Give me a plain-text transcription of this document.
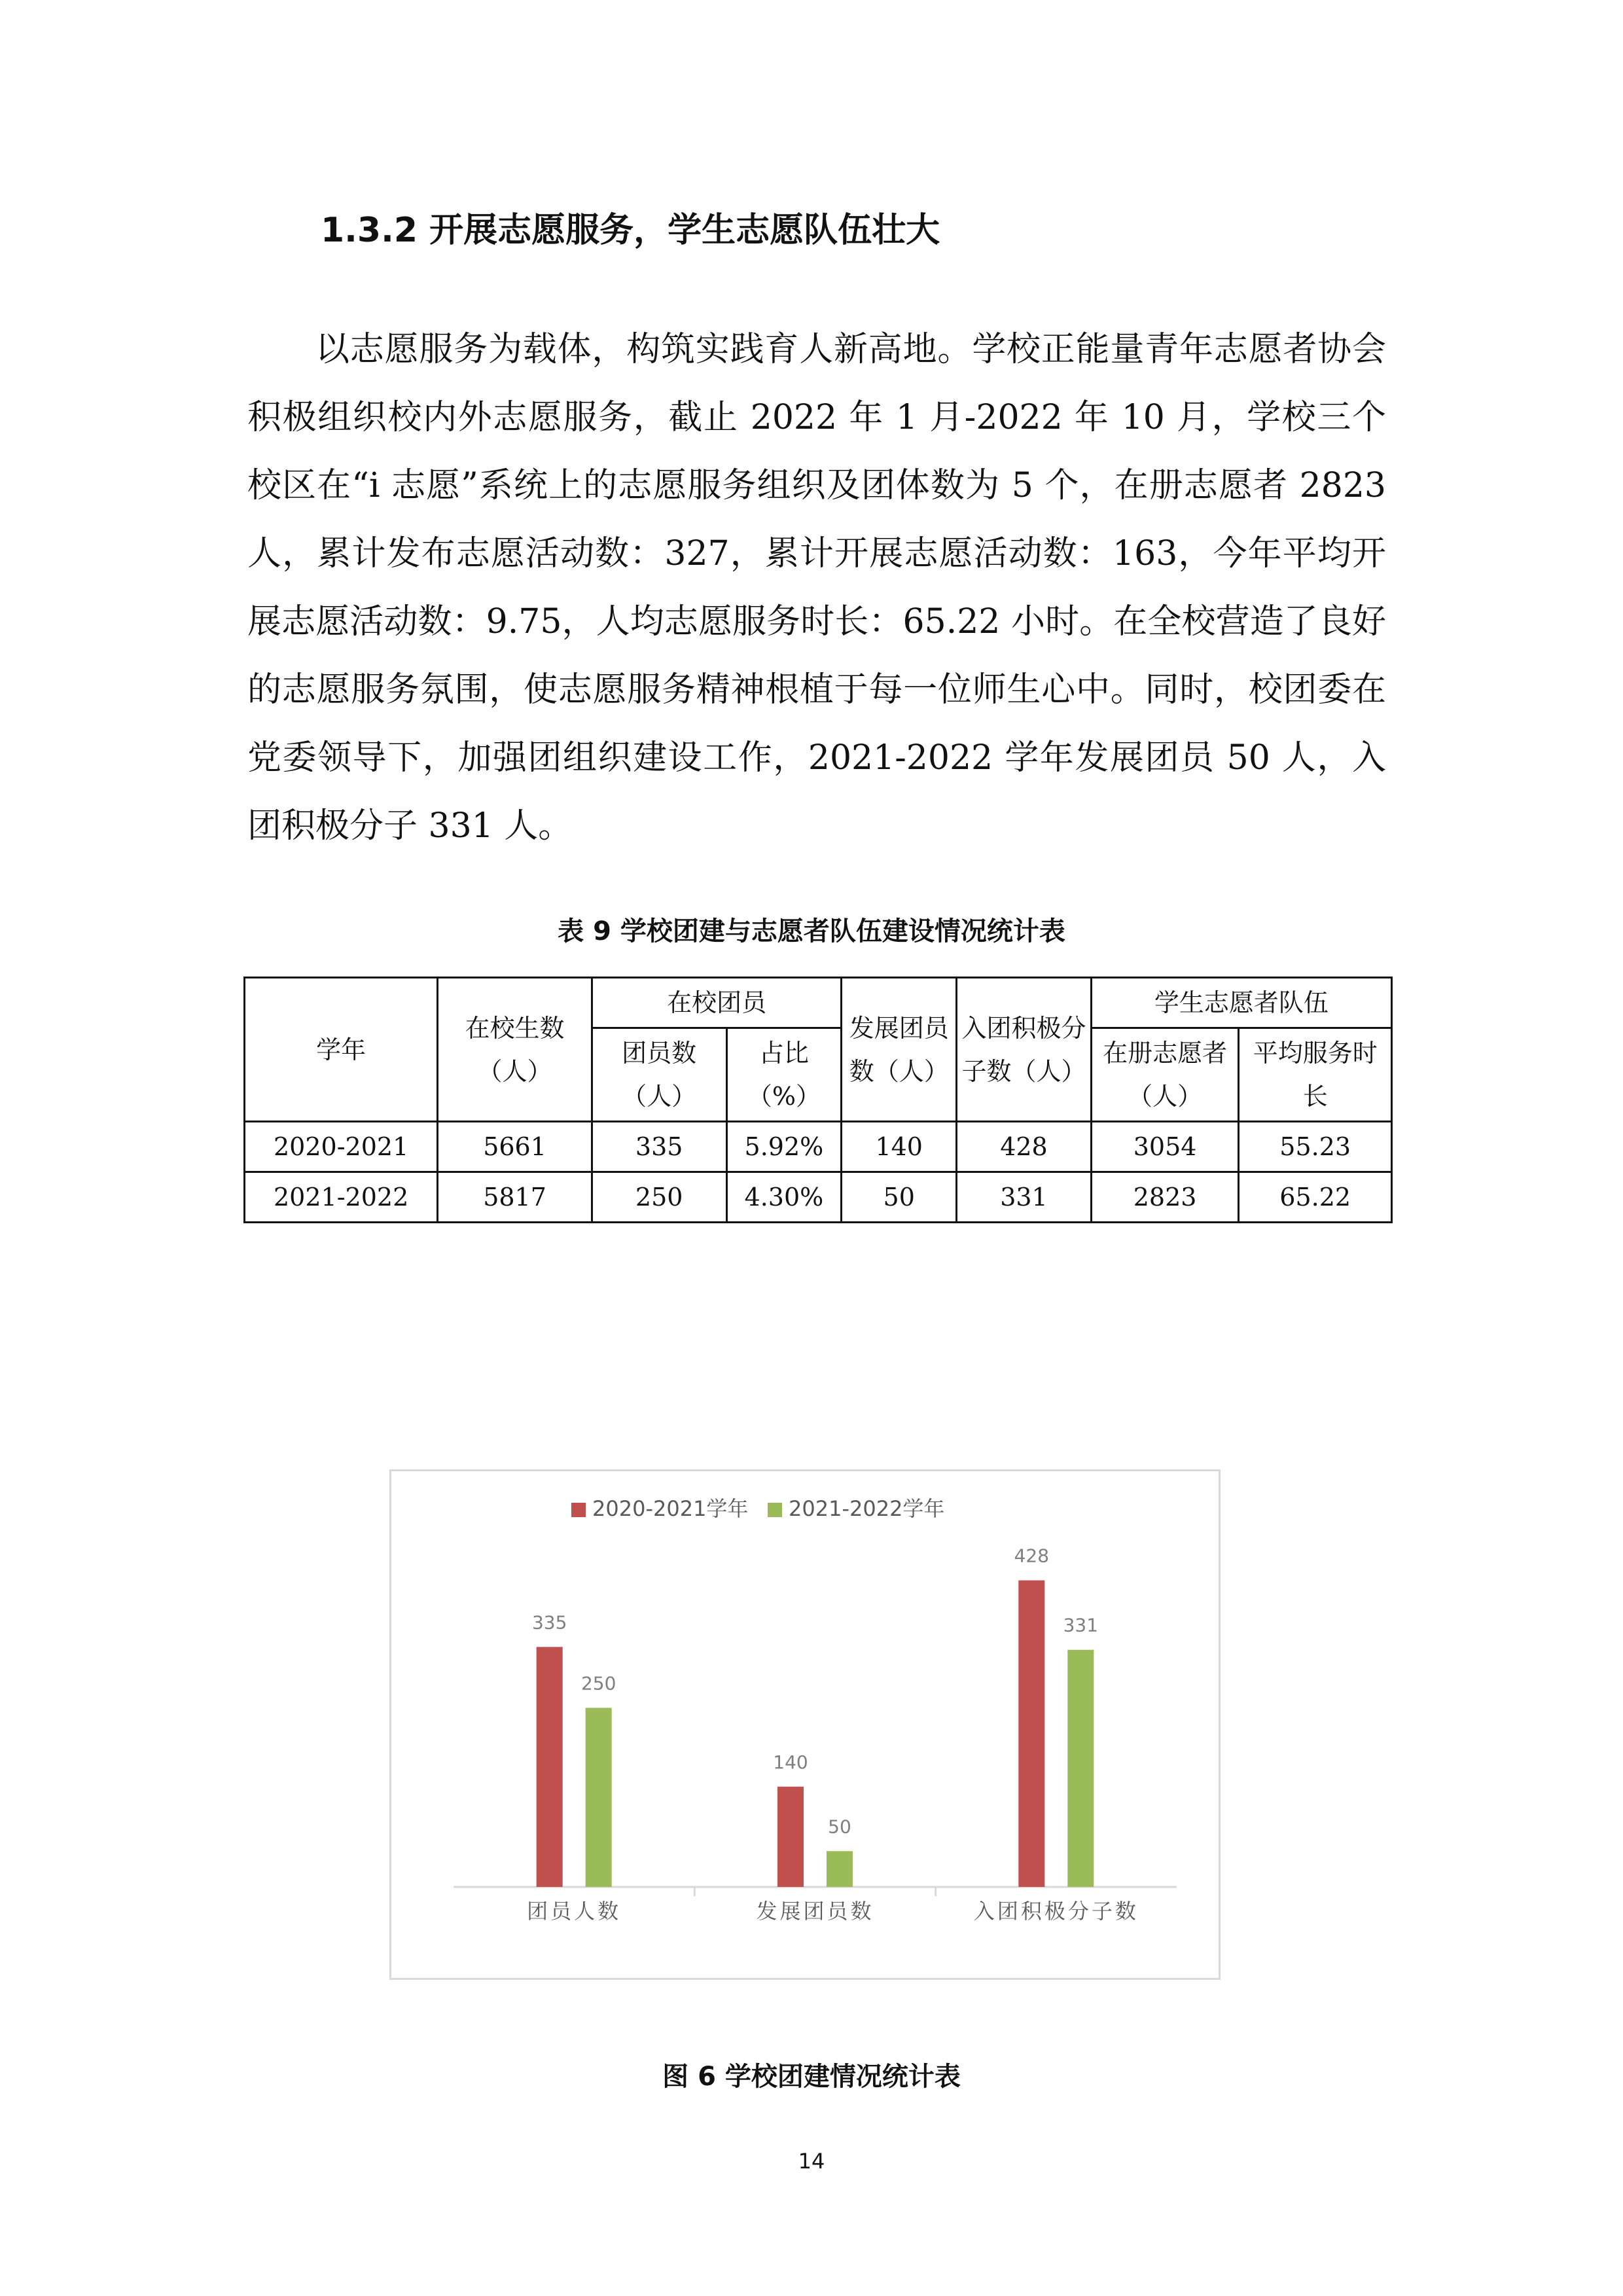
1.3.2 开展志愿服务，学生志愿队伍壮大

以志愿服务为载体，构筑实践育人新高地。学校正能量青年志愿者协会积极组织校内外志愿服务，截止 2022 年 1 月-2022 年 10 月，学校三个校区在“i 志愿”系统上的志愿服务组织及团体数为 5 个，在册志愿者 2823 人，累计发布志愿活动数：327，累计开展志愿活动数：163，今年平均开展志愿活动数：9.75，人均志愿服务时长：65.22 小时。在全校营造了良好的志愿服务氛围，使志愿服务精神根植于每一位师生心中。同时，校团委在党委领导下，加强团组织建设工作，2021-2022 学年发展团员 50 人，入团积极分子 331 人。

表 9 学校团建与志愿者队伍建设情况统计表
学年	在校生数（人）	在校团员		发展团员数（人）	入团积极分子数（人）	学生志愿者队伍	
		团员数（人）	占比（%）			在册志愿者（人）	平均服务时长
2020-2021	5661	335	5.92%	140	428	3054	55.23
2021-2022	5817	250	4.30%	50	331	2823	65.22
2020-2021学年 2021-2022学年
335
250
团员人数
140
50
发展团员数
428
331
入团积极分子数
图 6 学校团建情况统计表
14
